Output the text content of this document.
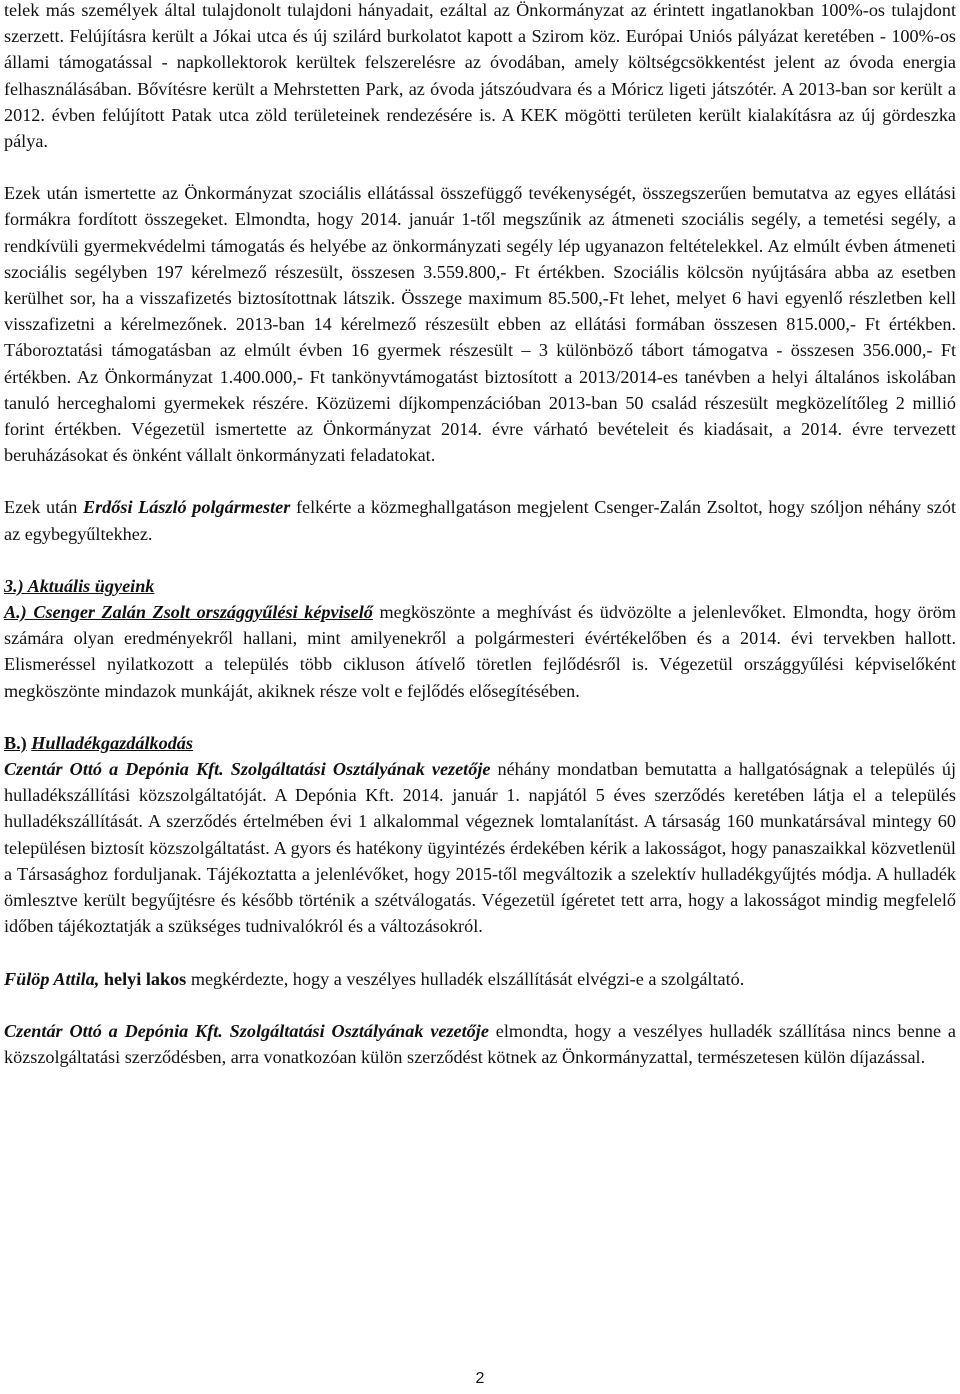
telek más személyek által tulajdonolt tulajdoni hányadait, ezáltal az Önkormányzat az érintett ingatlanokban 100%-os tulajdont szerzett. Felújításra került a Jókai utca és új szilárd burkolatot kapott a Szirom köz. Európai Uniós pályázat keretében - 100%-os állami támogatással - napkollektorok kerültek felszerelésre az óvodában, amely költségcsökkentést jelent az óvoda energia felhasználásában. Bővítésre került a Mehrstetten Park, az óvoda játszóudvara és a Móricz ligeti játszótér. A 2013-ban sor került a 2012. évben felújított Patak utca zöld területeinek rendezésére is. A KEK mögötti területen került kialakításra az új gördeszka pálya.

Ezek után ismertette az Önkormányzat szociális ellátással összefüggő tevékenységét, összegszerűen bemutatva az egyes ellátási formákra fordított összegeket. Elmondta, hogy 2014. január 1-től megszűnik az átmeneti szociális segély, a temetési segély, a rendkívüli gyermekvédelmi támogatás és helyébe az önkormányzati segély lép ugyanazon feltételekkel. Az elmúlt évben átmeneti szociális segélyben 197 kérelmező részesült, összesen 3.559.800,- Ft értékben. Szociális kölcsön nyújtására abba az esetben kerülhet sor, ha a visszafizetés biztosítottnak látszik. Összege maximum 85.500,-Ft lehet, melyet 6 havi egyenlő részletben kell visszafizetni a kérelmezőnek. 2013-ban 14 kérelmező részesült ebben az ellátási formában összesen 815.000,- Ft értékben. Táboroztatási támogatásban az elmúlt évben 16 gyermek részesült – 3 különböző tábort támogatva - összesen 356.000,- Ft értékben. Az Önkormányzat 1.400.000,- Ft tankönyvtámogatást biztosított a 2013/2014-es tanévben a helyi általános iskolában tanuló herceghalomi gyermekek részére. Közüzemi díjkompenzációban 2013-ban 50 család részesült megközelítőleg 2 millió forint értékben. Végezetül ismertette az Önkormányzat 2014. évre várható bevételeit és kiadásait, a 2014. évre tervezett beruházásokat és önként vállalt önkormányzati feladatokat.

Ezek után Erdősi László polgármester felkérte a közmeghallgatáson megjelent Csenger-Zalán Zsoltot, hogy szóljon néhány szót az egybegyűltekhez.

3.) Aktuális ügyeink

A.) Csenger Zalán Zsolt országgyűlési képviselő megköszönte a meghívást és üdvözölte a jelenlevőket. Elmondta, hogy öröm számára olyan eredményekről hallani, mint amilyenekről a polgármesteri évértékelőben és a 2014. évi tervekben hallott. Elismeréssel nyilatkozott a település több cikluson átívelő töretlen fejlődésről is. Végezetül országgyűlési képviselőként megköszönte mindazok munkáját, akiknek része volt e fejlődés elősegítésében.

B.) Hulladékgazdálkodás

Czentár Ottó a Depónia Kft. Szolgáltatási Osztályának vezetője néhány mondatban bemutatta a hallgatóságnak a település új hulladékszállítási közszolgáltatóját. A Depónia Kft. 2014. január 1. napjától 5 éves szerződés keretében látja el a település hulladékszállítását. A szerződés értelmében évi 1 alkalommal végeznek lomtalanítást. A társaság 160 munkatársával mintegy 60 településen biztosít közszolgáltatást. A gyors és hatékony ügyintézés érdekében kérik a lakosságot, hogy panaszaikkal közvetlenül a Társasághoz forduljanak. Tájékoztatta a jelenlévőket, hogy 2015-től megváltozik a szelektív hulladékgyűjtés módja. A hulladék ömlesztve került begyűjtésre és később történik a szétválogatás. Végezetül ígéretet tett arra, hogy a lakosságot mindig megfelelő időben tájékoztatják a szükséges tudnivalókról és a változásokról.

Fülöp Attila, helyi lakos megkérdezte, hogy a veszélyes hulladék elszállítását elvégzi-e a szolgáltató.

Czentár Ottó a Depónia Kft. Szolgáltatási Osztályának vezetője elmondta, hogy a veszélyes hulladék szállítása nincs benne a közszolgáltatási szerződésben, arra vonatkozóan külön szerződést kötnek az Önkormányzattal, természetesen külön díjazással.

2
